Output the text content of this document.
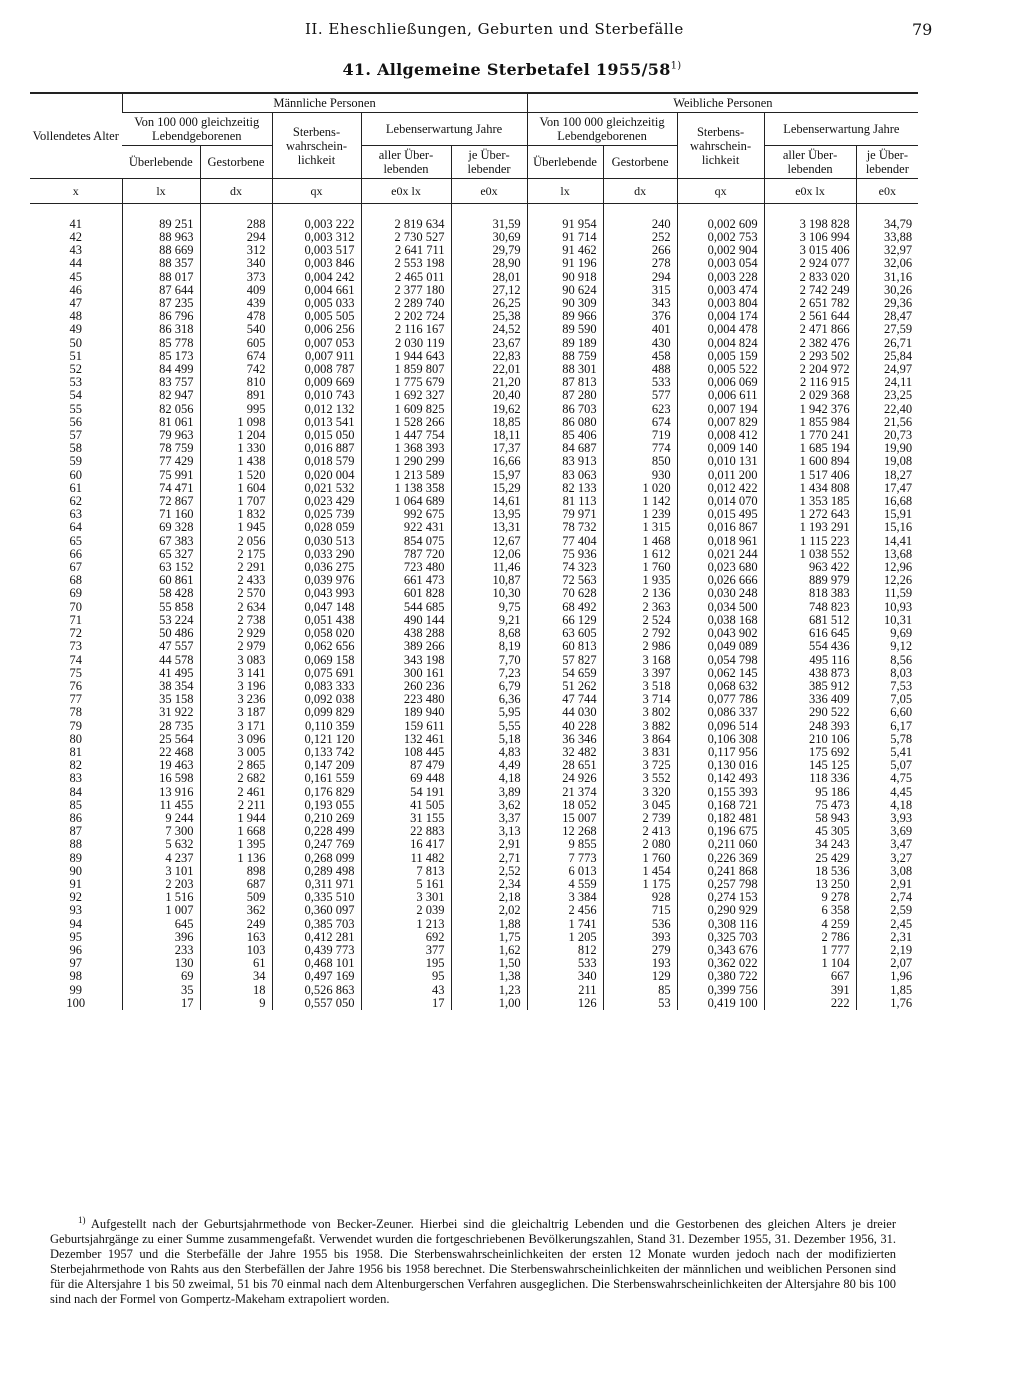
II. Eheschließungen, Geburten und Sterbefälle	79
41. Allgemeine Sterbetafel 1955/58$^{1)}$
Vollendetes Alter	Männliche Personen					Weibliche Personen				
	Von 100 000 gleichzeitig Lebendgeborenen		Sterbenswahrscheinlichkeit	Lebenserwartung Jahre		Von 100 000 gleichzeitig Lebendgeborenen		Sterbenswahrscheinlichkeit	Lebenserwartung Jahre	
	Überlebende	Gestorbene		aller Überlebenden	je Überlebender	Überlebende	Gestorbene		aller Überlebenden	je Überlebender
x	lx	dx	qx	e0x lx	e0x	lx	dx	qx	e0x lx	e0x
41	89 251	288	0,003 222	2 819 634	31,59	91 954	240	0,002 609	3 198 828	34,79
42	88 963	294	0,003 312	2 730 527	30,69	91 714	252	0,002 753	3 106 994	33,88
43	88 669	312	0,003 517	2 641 711	29,79	91 462	266	0,002 904	3 015 406	32,97
44	88 357	340	0,003 846	2 553 198	28,90	91 196	278	0,003 054	2 924 077	32,06
45	88 017	373	0,004 242	2 465 011	28,01	90 918	294	0,003 228	2 833 020	31,16
46	87 644	409	0,004 661	2 377 180	27,12	90 624	315	0,003 474	2 742 249	30,26
47	87 235	439	0,005 033	2 289 740	26,25	90 309	343	0,003 804	2 651 782	29,36
48	86 796	478	0,005 505	2 202 724	25,38	89 966	376	0,004 174	2 561 644	28,47
49	86 318	540	0,006 256	2 116 167	24,52	89 590	401	0,004 478	2 471 866	27,59
50	85 778	605	0,007 053	2 030 119	23,67	89 189	430	0,004 824	2 382 476	26,71
51	85 173	674	0,007 911	1 944 643	22,83	88 759	458	0,005 159	2 293 502	25,84
52	84 499	742	0,008 787	1 859 807	22,01	88 301	488	0,005 522	2 204 972	24,97
53	83 757	810	0,009 669	1 775 679	21,20	87 813	533	0,006 069	2 116 915	24,11
54	82 947	891	0,010 743	1 692 327	20,40	87 280	577	0,006 611	2 029 368	23,25
55	82 056	995	0,012 132	1 609 825	19,62	86 703	623	0,007 194	1 942 376	22,40
56	81 061	1 098	0,013 541	1 528 266	18,85	86 080	674	0,007 829	1 855 984	21,56
57	79 963	1 204	0,015 050	1 447 754	18,11	85 406	719	0,008 412	1 770 241	20,73
58	78 759	1 330	0,016 887	1 368 393	17,37	84 687	774	0,009 140	1 685 194	19,90
59	77 429	1 438	0,018 579	1 290 299	16,66	83 913	850	0,010 131	1 600 894	19,08
60	75 991	1 520	0,020 004	1 213 589	15,97	83 063	930	0,011 200	1 517 406	18,27
61	74 471	1 604	0,021 532	1 138 358	15,29	82 133	1 020	0,012 422	1 434 808	17,47
62	72 867	1 707	0,023 429	1 064 689	14,61	81 113	1 142	0,014 070	1 353 185	16,68
63	71 160	1 832	0,025 739	992 675	13,95	79 971	1 239	0,015 495	1 272 643	15,91
64	69 328	1 945	0,028 059	922 431	13,31	78 732	1 315	0,016 867	1 193 291	15,16
65	67 383	2 056	0,030 513	854 075	12,67	77 404	1 468	0,018 961	1 115 223	14,41
66	65 327	2 175	0,033 290	787 720	12,06	75 936	1 612	0,021 244	1 038 552	13,68
67	63 152	2 291	0,036 275	723 480	11,46	74 323	1 760	0,023 680	963 422	12,96
68	60 861	2 433	0,039 976	661 473	10,87	72 563	1 935	0,026 666	889 979	12,26
69	58 428	2 570	0,043 993	601 828	10,30	70 628	2 136	0,030 248	818 383	11,59
70	55 858	2 634	0,047 148	544 685	9,75	68 492	2 363	0,034 500	748 823	10,93
71	53 224	2 738	0,051 438	490 144	9,21	66 129	2 524	0,038 168	681 512	10,31
72	50 486	2 929	0,058 020	438 288	8,68	63 605	2 792	0,043 902	616 645	9,69
73	47 557	2 979	0,062 656	389 266	8,19	60 813	2 986	0,049 089	554 436	9,12
74	44 578	3 083	0,069 158	343 198	7,70	57 827	3 168	0,054 798	495 116	8,56
75	41 495	3 141	0,075 691	300 161	7,23	54 659	3 397	0,062 145	438 873	8,03
76	38 354	3 196	0,083 333	260 236	6,79	51 262	3 518	0,068 632	385 912	7,53
77	35 158	3 236	0,092 038	223 480	6,36	47 744	3 714	0,077 786	336 409	7,05
78	31 922	3 187	0,099 829	189 940	5,95	44 030	3 802	0,086 337	290 522	6,60
79	28 735	3 171	0,110 359	159 611	5,55	40 228	3 882	0,096 514	248 393	6,17
80	25 564	3 096	0,121 120	132 461	5,18	36 346	3 864	0,106 308	210 106	5,78
81	22 468	3 005	0,133 742	108 445	4,83	32 482	3 831	0,117 956	175 692	5,41
82	19 463	2 865	0,147 209	87 479	4,49	28 651	3 725	0,130 016	145 125	5,07
83	16 598	2 682	0,161 559	69 448	4,18	24 926	3 552	0,142 493	118 336	4,75
84	13 916	2 461	0,176 829	54 191	3,89	21 374	3 320	0,155 393	95 186	4,45
85	11 455	2 211	0,193 055	41 505	3,62	18 052	3 045	0,168 721	75 473	4,18
86	9 244	1 944	0,210 269	31 155	3,37	15 007	2 739	0,182 481	58 943	3,93
87	7 300	1 668	0,228 499	22 883	3,13	12 268	2 413	0,196 675	45 305	3,69
88	5 632	1 395	0,247 769	16 417	2,91	9 855	2 080	0,211 060	34 243	3,47
89	4 237	1 136	0,268 099	11 482	2,71	7 773	1 760	0,226 369	25 429	3,27
90	3 101	898	0,289 498	7 813	2,52	6 013	1 454	0,241 868	18 536	3,08
91	2 203	687	0,311 971	5 161	2,34	4 559	1 175	0,257 798	13 250	2,91
92	1 516	509	0,335 510	3 301	2,18	3 384	928	0,274 153	9 278	2,74
93	1 007	362	0,360 097	2 039	2,02	2 456	715	0,290 929	6 358	2,59
94	645	249	0,385 703	1 213	1,88	1 741	536	0,308 116	4 259	2,45
95	396	163	0,412 281	692	1,75	1 205	393	0,325 703	2 786	2,31
96	233	103	0,439 773	377	1,62	812	279	0,343 676	1 777	2,19
97	130	61	0,468 101	195	1,50	533	193	0,362 022	1 104	2,07
98	69	34	0,497 169	95	1,38	340	129	0,380 722	667	1,96
99	35	18	0,526 863	43	1,23	211	85	0,399 756	391	1,85
100	17	9	0,557 050	17	1,00	126	53	0,419 100	222	1,76
$^{1)}$ Aufgestellt nach der Geburtsjahrmethode von Becker-Zeuner. Hierbei sind die gleichaltrig Lebenden und die Gestorbenen des gleichen Alters je dreier Geburtsjahrgänge zu einer Summe zusammengefaßt. Verwendet wurden die fortgeschriebenen Bevölkerungszahlen, Stand 31. Dezember 1955, 31. Dezember 1956, 31. Dezember 1957 und die Sterbefälle der Jahre 1955 bis 1958. Die Sterbenswahrscheinlichkeiten der ersten 12 Monate wurden jedoch nach der modifizierten Sterbejahrmethode von Rahts aus den Sterbefällen der Jahre 1956 bis 1958 berechnet. Die Sterbenswahrscheinlichkeiten der männlichen und weiblichen Personen sind für die Altersjahre 1 bis 50 zweimal, 51 bis 70 einmal nach dem Altenburgerschen Verfahren ausgeglichen. Die Sterbenswahrscheinlichkeiten der Altersjahre 80 bis 100 sind nach der Formel von Gompertz-Makeham extrapoliert worden.
